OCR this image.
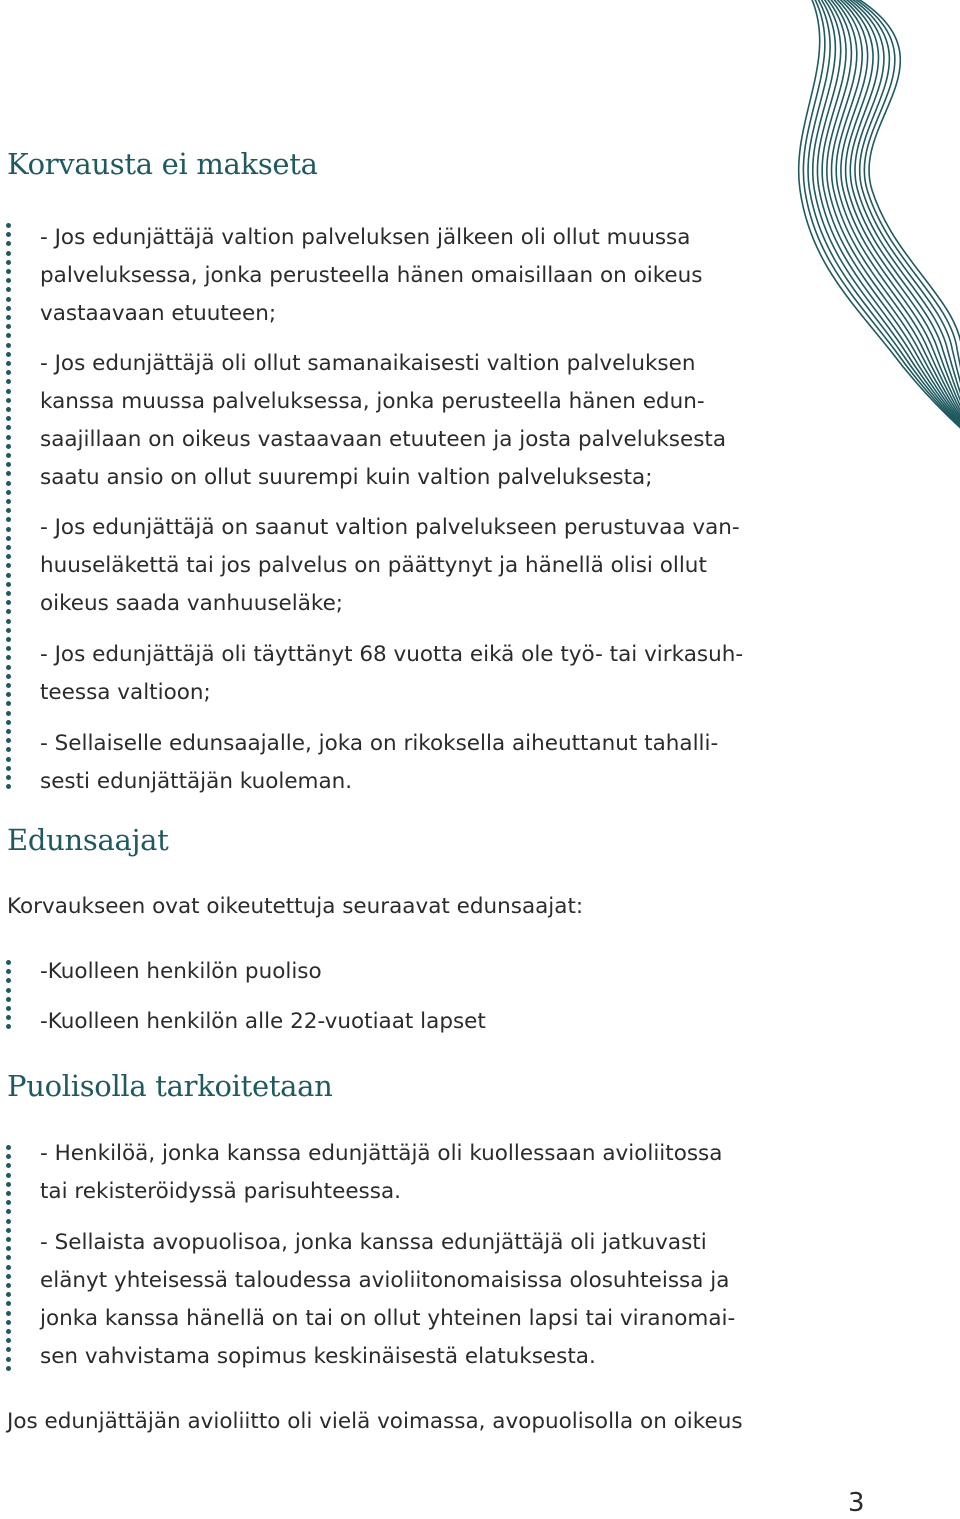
Korvausta ei makseta
- Jos edunjättäjä valtion palveluksen jälkeen oli ollut muussa
palveluksessa, jonka perusteella hänen omaisillaan on oikeus
vastaavaan etuuteen;
- Jos edunjättäjä oli ollut samanaikaisesti valtion palveluksen
kanssa muussa palveluksessa, jonka perusteella hänen edun-
saajillaan on oikeus vastaavaan etuuteen ja josta palveluksesta
saatu ansio on ollut suurempi kuin valtion palveluksesta;
- Jos edunjättäjä on saanut valtion palvelukseen perustuvaa van-
huuseläkettä tai jos palvelus on päättynyt ja hänellä olisi ollut
oikeus saada vanhuuseläke;
- Jos edunjättäjä oli täyttänyt 68 vuotta eikä ole työ- tai virkasuh-
teessa valtioon;
- Sellaiselle edunsaajalle, joka on rikoksella aiheuttanut tahalli-
sesti edunjättäjän kuoleman.
Edunsaajat
Korvaukseen ovat oikeutettuja seuraavat edunsaajat:
-Kuolleen henkilön puoliso
-Kuolleen henkilön alle 22-vuotiaat lapset
Puolisolla tarkoitetaan
- Henkilöä, jonka kanssa edunjättäjä oli kuollessaan avioliitossa
tai rekisteröidyssä parisuhteessa.
- Sellaista avopuolisoa, jonka kanssa edunjättäjä oli jatkuvasti
elänyt yhteisessä taloudessa avioliitonomaisissa olosuhteissa ja
jonka kanssa hänellä on tai on ollut yhteinen lapsi tai viranomai-
sen vahvistama sopimus keskinäisestä elatuksesta.
Jos edunjättäjän avioliitto oli vielä voimassa, avopuolisolla on oikeus
3
